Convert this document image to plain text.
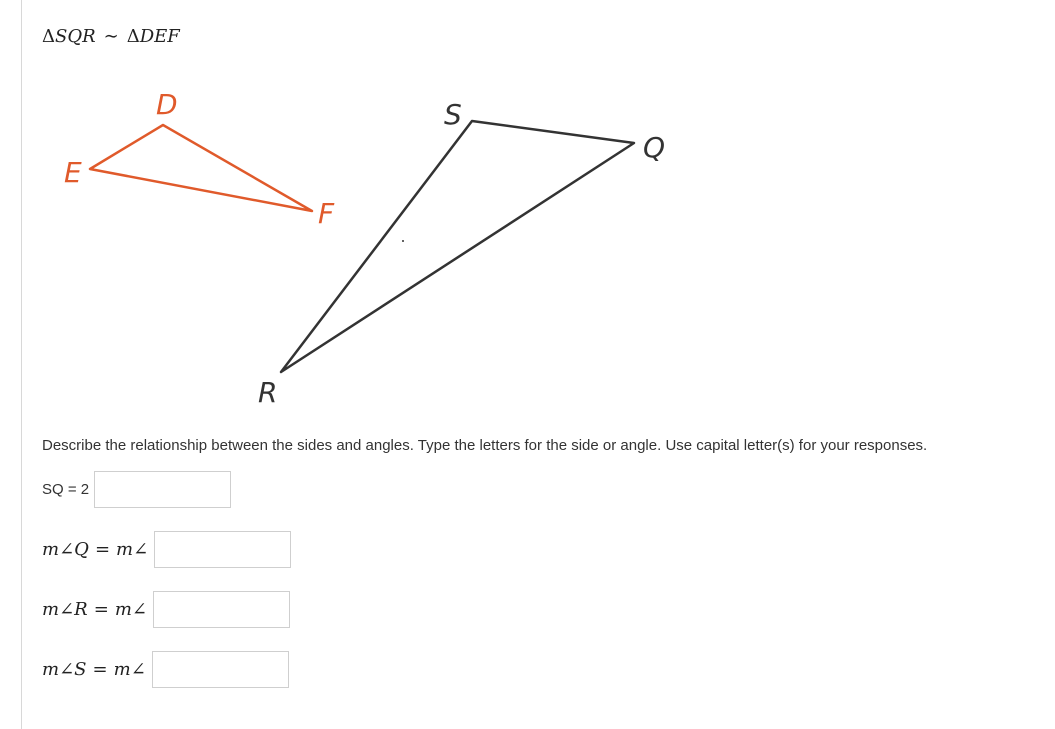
ΔSQR ∼ ΔDEF
D
E
F
S
Q
R
Describe the relationship between the sides and angles. Type the letters for the side or angle. Use capital letter(s) for your responses.
SQ = 2
m∠Q = m∠
m∠R = m∠
m∠S = m∠
